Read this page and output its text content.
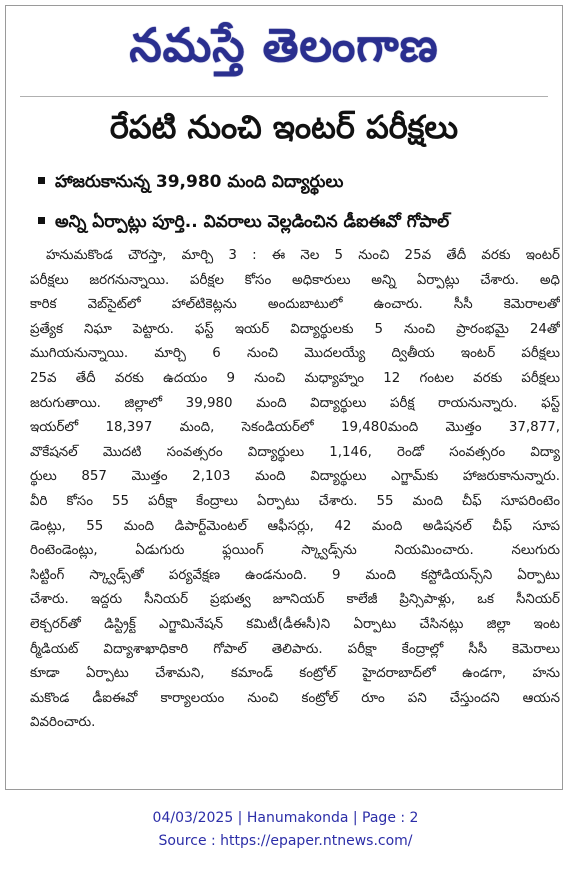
నమస్తే తెలంగాణ
రేపటి నుంచి ఇంటర్ పరీక్షలు
హాజరుకానున్న 39,980 మంది విద్యార్థులు
అన్ని ఏర్పాట్లు పూర్తి.. వివరాలు వెల్లడించిన డీఐఈవో గోపాల్
హనుమకొండ చౌరస్తా, మార్చి 3 : ఈ నెల 5 నుంచి 25వ తేదీ వరకు ఇంటర్
పరీక్షలు జరగనున్నాయి. పరీక్షల కోసం అధికారులు అన్ని ఏర్పాట్లు చేశారు. అధి
కారిక వెబ్‌సైట్‌లో హాల్‌టికెట్లను అందుబాటులో ఉంచారు. సీసీ కెమెరాలతో
ప్రత్యేక నిఘా పెట్టారు. ఫస్ట్ ఇయర్ విద్యార్థులకు 5 నుంచి ప్రారంభమై 24తో
ముగియనున్నాయి. మార్చి 6 నుంచి మొదలయ్యే ద్వితీయ ఇంటర్ పరీక్షలు
25వ తేదీ వరకు ఉదయం 9 నుంచి మధ్యాహ్నం 12 గంటల వరకు పరీక్షలు
జరుగుతాయి. జిల్లాలో 39,980 మంది విద్యార్థులు పరీక్ష రాయనున్నారు. ఫస్ట్
ఇయర్‌లో 18,397 మంది, సెకండియర్‌లో 19,480మంది మొత్తం 37,877,
వొకేషనల్ మొదటి సంవత్సరం విద్యార్థులు 1,146, రెండో సంవత్సరం విద్యా
ర్థులు 857 మొత్తం 2,103 మంది విద్యార్థులు ఎగ్జామ్‌కు హాజరుకానున్నారు.
వీరి కోసం 55 పరీక్షా కేంద్రాలు ఏర్పాటు చేశారు. 55 మంది చీఫ్ సూపరింటెం
డెంట్లు, 55 మంది డిపార్ట్‌మెంటల్ ఆఫీసర్లు, 42 మంది అడిషనల్ చీఫ్ సూప
రింటెండెంట్లు, ఏడుగురు ఫ్లయింగ్ స్క్వాడ్స్‌ను నియమించారు. నలుగురు
సిట్టింగ్ స్క్వాడ్స్‌తో పర్యవేక్షణ ఉండనుంది. 9 మంది కస్టోడియన్స్‌ని ఏర్పాటు
చేశారు. ఇద్దరు సీనియర్ ప్రభుత్వ జూనియర్ కాలేజీ ప్రిన్సిపాళ్లు, ఒక సీనియర్
లెక్చరర్‌తో డిస్ట్రిక్ట్ ఎగ్జామినేషన్ కమిటీ(డీఈసీ)ని ఏర్పాటు చేసినట్లు జిల్లా ఇంట
ర్మీడియట్ విద్యాశాఖాధికారి గోపాల్ తెలిపారు. పరీక్షా కేంద్రాల్లో సీసీ కెమెరాలు
కూడా ఏర్పాటు చేశామని, కమాండ్ కంట్రోల్ హైదరాబాద్‌లో ఉండగా, హను
మకొండ డీఐఈవో కార్యాలయం నుంచి కంట్రోల్ రూం పని చేస్తుందని ఆయన
వివరించారు.
04/03/2025 | Hanumakonda | Page : 2
Source : https://epaper.ntnews.com/
